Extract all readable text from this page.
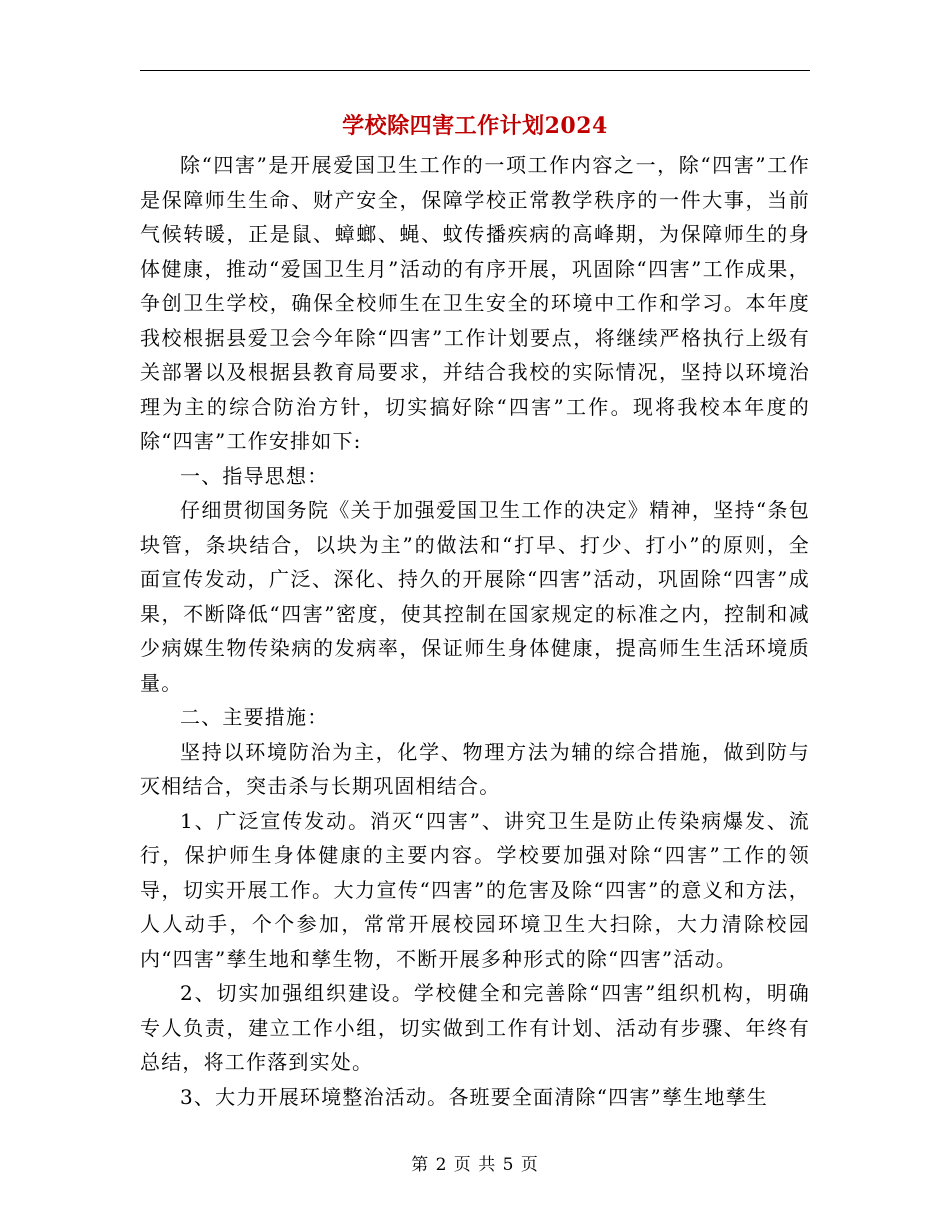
学校除四害工作计划2024

除“四害”是开展爱国卫生工作的一项工作内容之一，除“四害”工作是保障师生生命、财产安全，保障学校正常教学秩序的一件大事，当前气候转暖，正是鼠、蟑螂、蝇、蚊传播疾病的高峰期，为保障师生的身体健康，推动“爱国卫生月”活动的有序开展，巩固除“四害”工作成果，争创卫生学校，确保全校师生在卫生安全的环境中工作和学习。本年度我校根据县爱卫会今年除“四害”工作计划要点，将继续严格执行上级有关部署以及根据县教育局要求，并结合我校的实际情况，坚持以环境治理为主的综合防治方针，切实搞好除“四害”工作。现将我校本年度的除“四害”工作安排如下:

一、指导思想：

仔细贯彻国务院《关于加强爱国卫生工作的决定》精神，坚持“条包块管，条块结合，以块为主”的做法和“打早、打少、打小”的原则，全面宣传发动，广泛、深化、持久的开展除“四害”活动，巩固除“四害”成果，不断降低“四害”密度，使其控制在国家规定的标准之内，控制和减少病媒生物传染病的发病率，保证师生身体健康，提高师生生活环境质量。

二、主要措施：

坚持以环境防治为主，化学、物理方法为辅的综合措施，做到防与灭相结合，突击杀与长期巩固相结合。

1、广泛宣传发动。消灭“四害”、讲究卫生是防止传染病爆发、流行，保护师生身体健康的主要内容。学校要加强对除“四害”工作的领导，切实开展工作。大力宣传“四害”的危害及除“四害”的意义和方法，人人动手，个个参加，常常开展校园环境卫生大扫除，大力清除校园内“四害”孳生地和孳生物，不断开展多种形式的除“四害”活动。

2、切实加强组织建设。学校健全和完善除“四害”组织机构，明确专人负责，建立工作小组，切实做到工作有计划、活动有步骤、年终有总结，将工作落到实处。

3、大力开展环境整治活动。各班要全面清除“四害”孳生地孳生

第 2 页 共 5 页
